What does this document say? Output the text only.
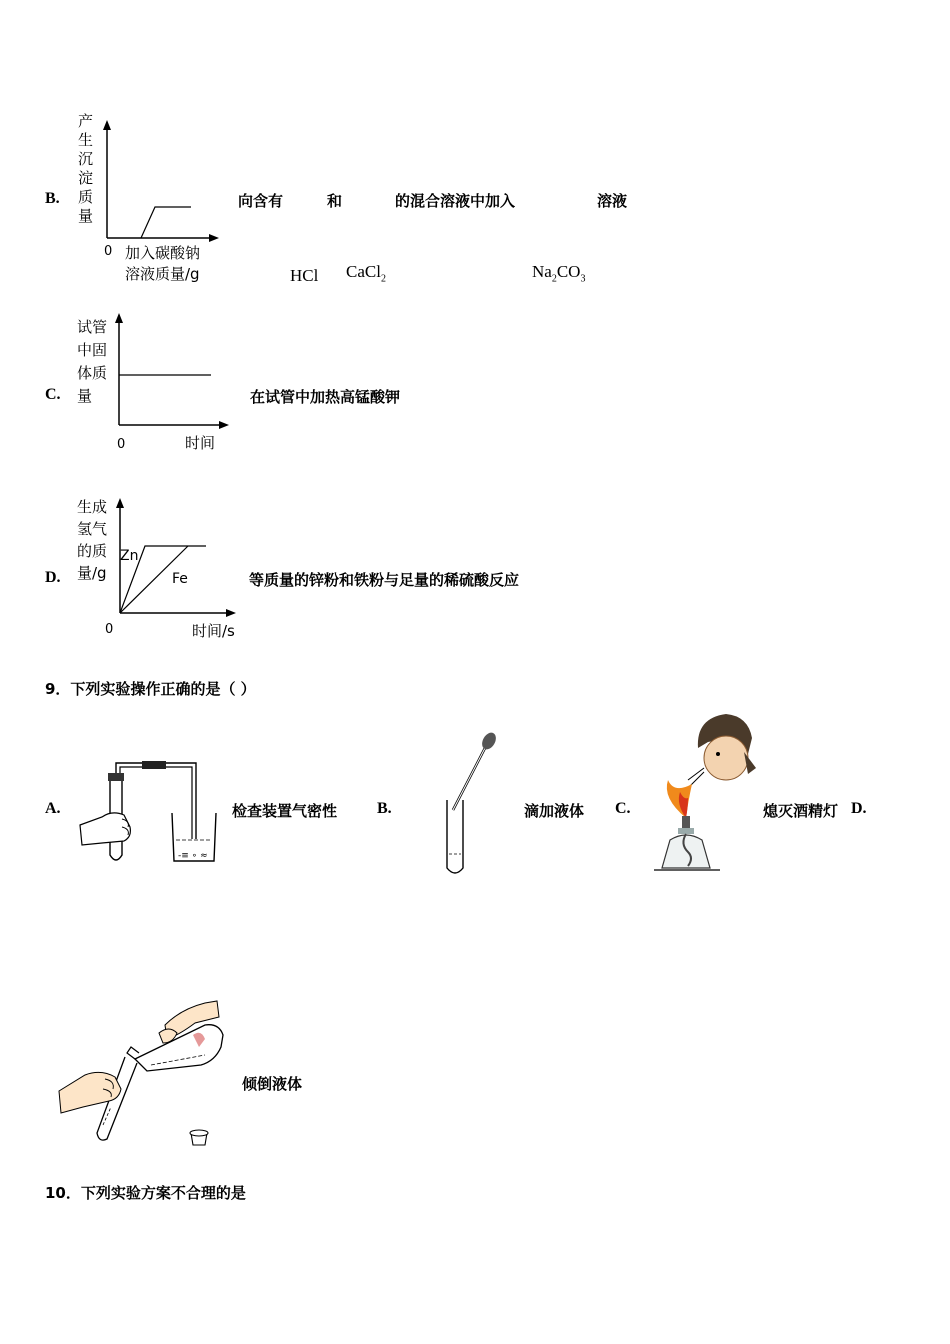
B.
产
生
沉
淀
质
量
0 加入碳酸钠
溶液质量/g
向含有	和	的混合溶液中加入	溶液
HCl CaCl$_2$	$Na_2CO_3$
C.
试管
中固
体质
量
0	时间
在试管中加热高锰酸钾
D.
生成
氢气
的质
量/g
Zn
Fe
0	时间/s
等质量的锌粉和铁粉与足量的稀硫酸反应
9．下列实验操作正确的是（ ）
A.
-≡ ∘ ≈
检查装置气密性 B.	滴加液体 C.	熄灭酒精灯 D.
倾倒液体
10．下列实验方案不合理的是
